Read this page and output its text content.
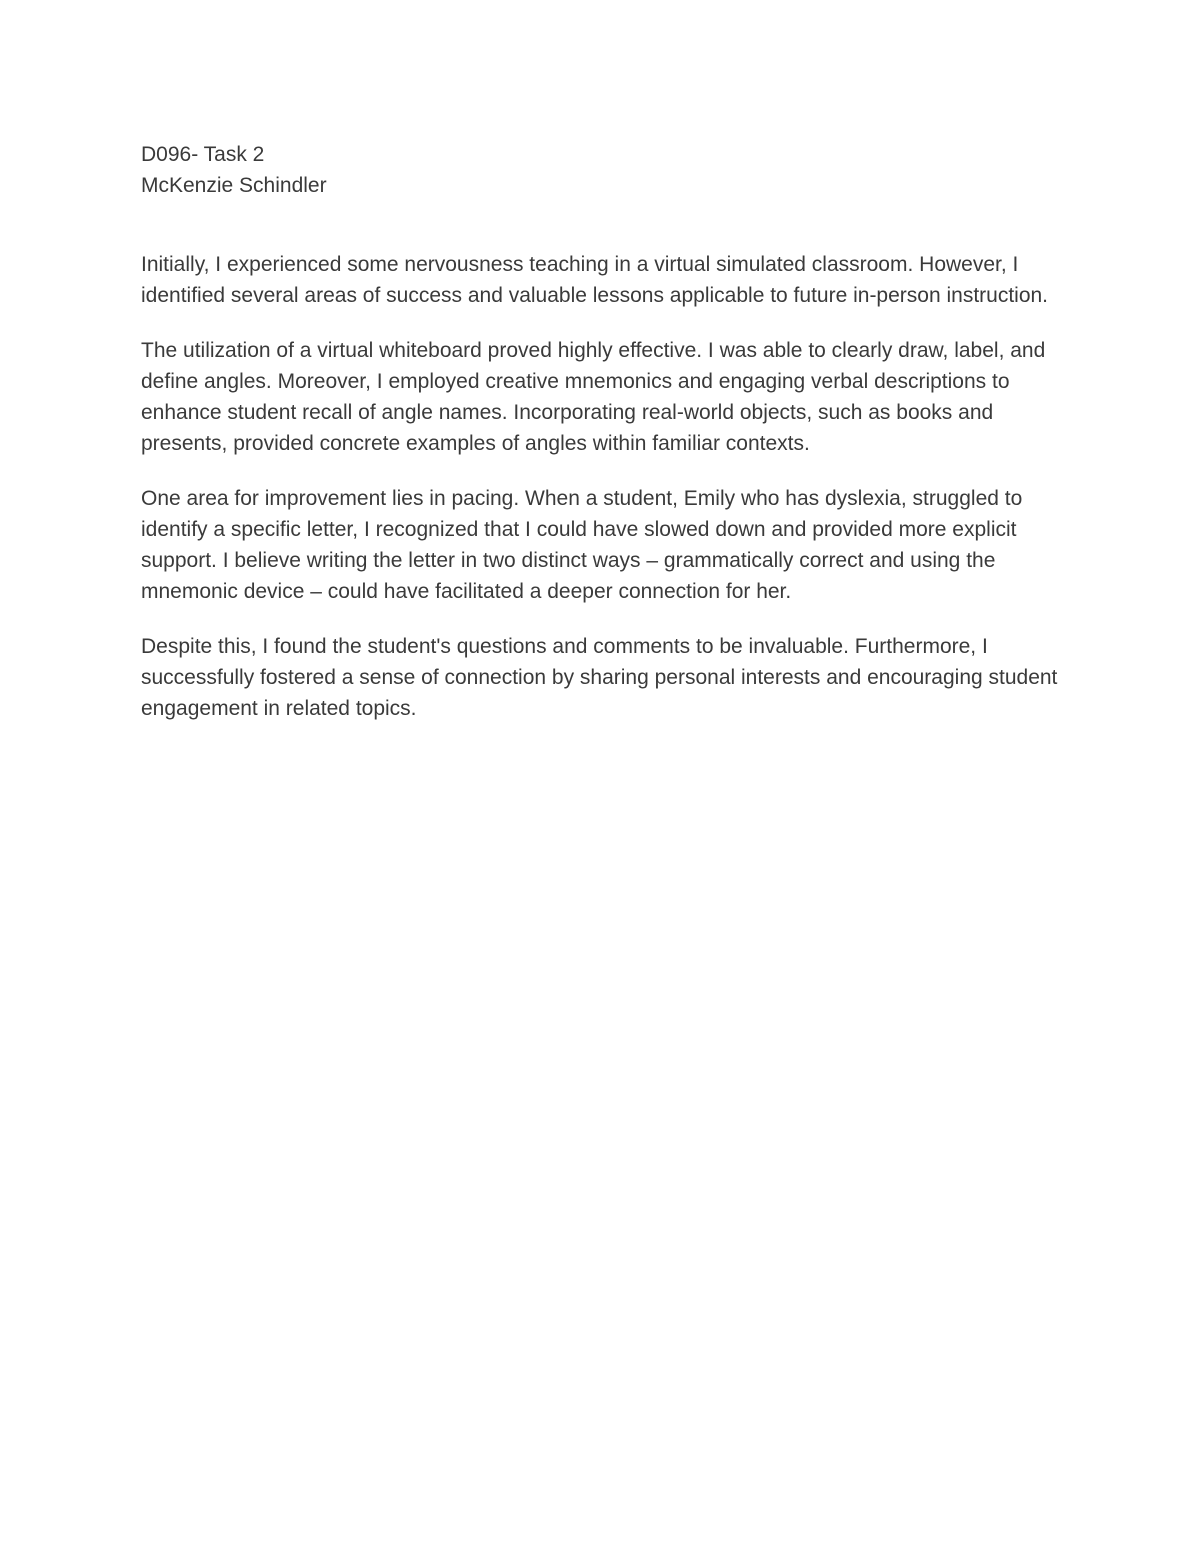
D096- Task 2

McKenzie Schindler

Initially, I experienced some nervousness teaching in a virtual simulated classroom. However, I identified several areas of success and valuable lessons applicable to future in-person instruction.

The utilization of a virtual whiteboard proved highly effective. I was able to clearly draw, label, and define angles. Moreover, I employed creative mnemonics and engaging verbal descriptions to enhance student recall of angle names. Incorporating real-world objects, such as books and presents, provided concrete examples of angles within familiar contexts.

One area for improvement lies in pacing. When a student, Emily who has dyslexia, struggled to identify a specific letter, I recognized that I could have slowed down and provided more explicit support. I believe writing the letter in two distinct ways – grammatically correct and using the mnemonic device – could have facilitated a deeper connection for her.

Despite this, I found the student's questions and comments to be invaluable. Furthermore, I successfully fostered a sense of connection by sharing personal interests and encouraging student engagement in related topics.
